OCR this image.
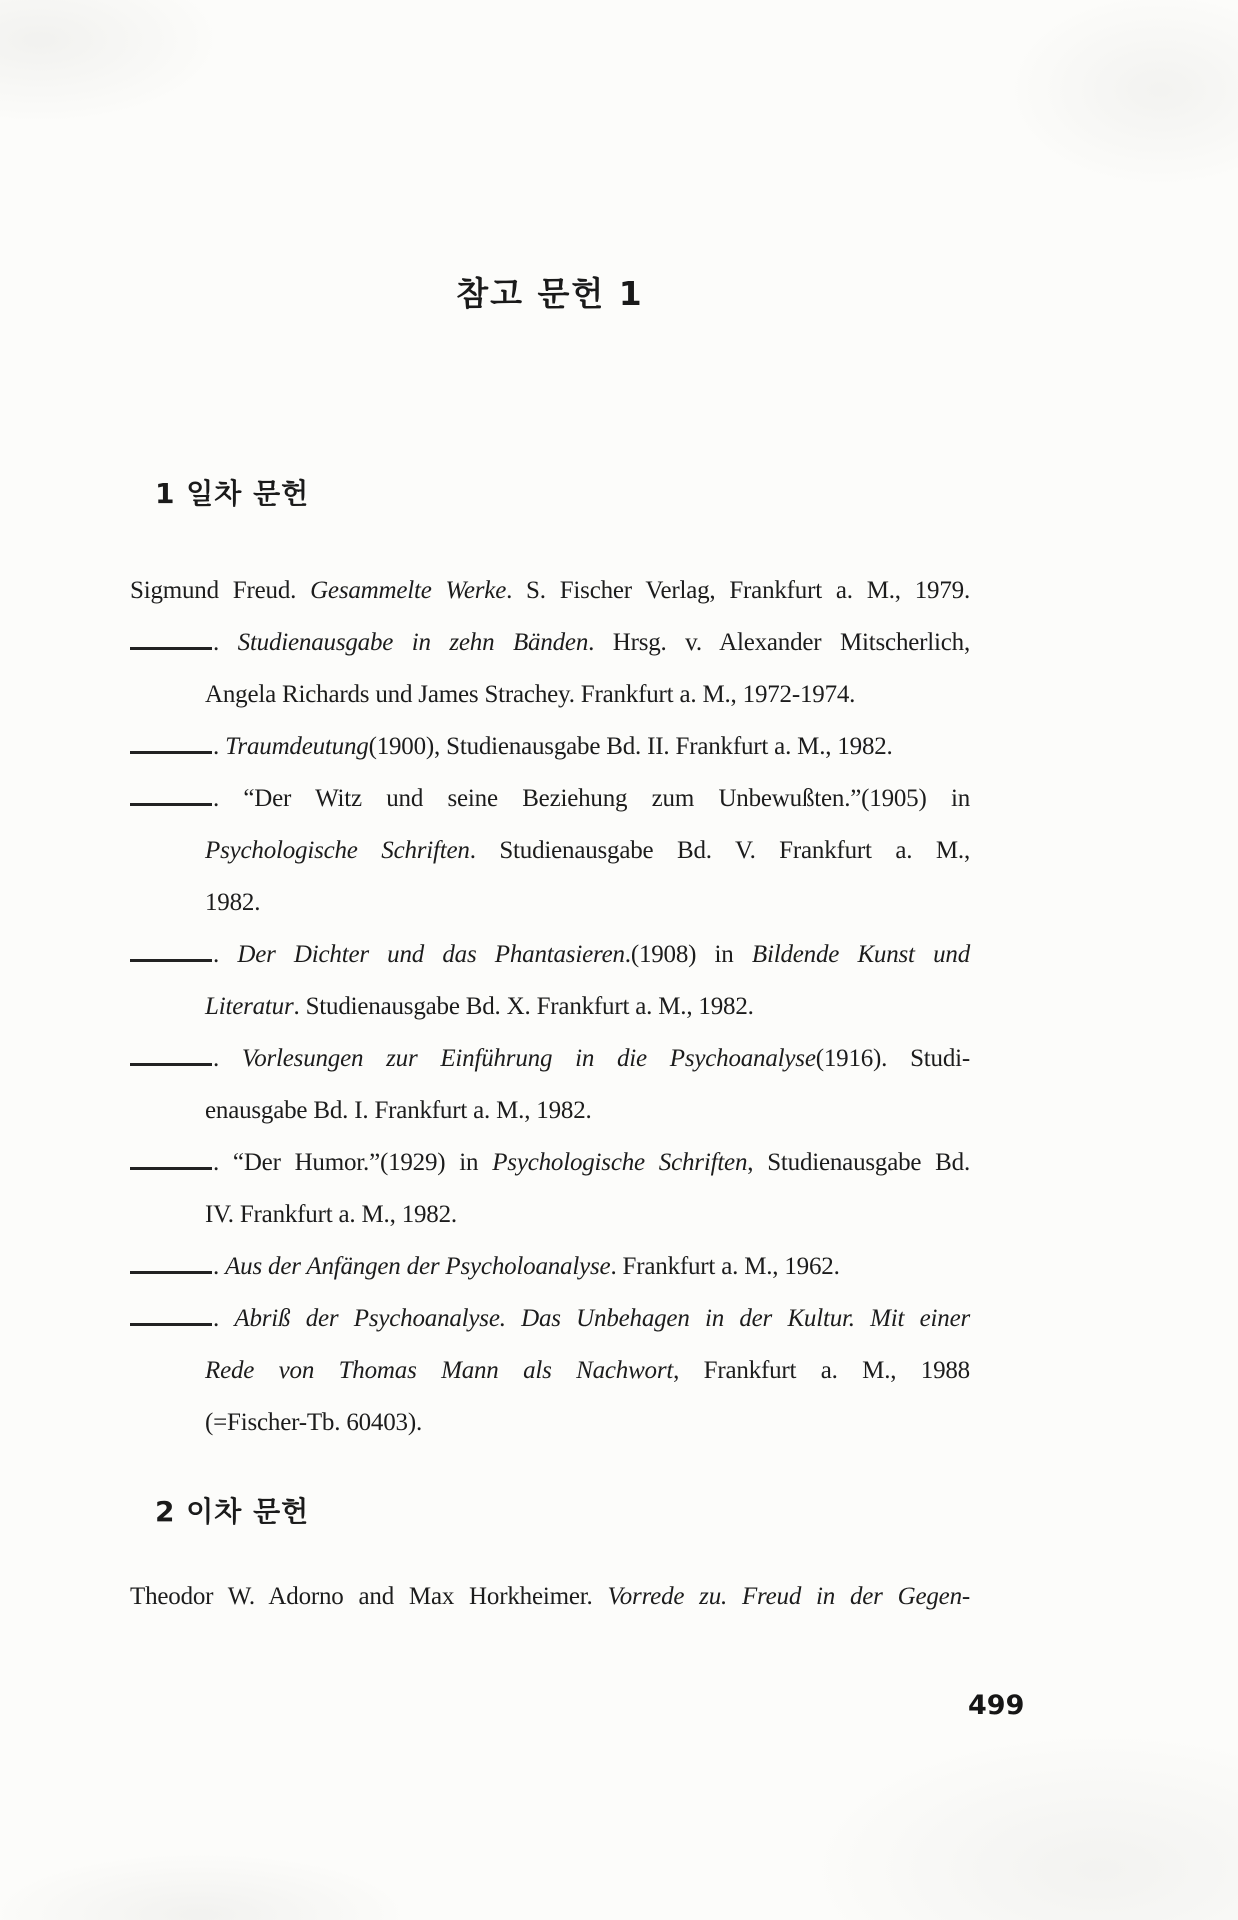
참고 문헌 1
1 일차 문헌
Sigmund Freud. Gesammelte Werke. S. Fischer Verlag, Frankfurt a. M., 1979.
. Studienausgabe in zehn Bänden. Hrsg. v. Alexander Mitscherlich,
Angela Richards und James Strachey. Frankfurt a. M., 1972-1974.
. Traumdeutung(1900), Studienausgabe Bd. II. Frankfurt a. M., 1982.
. “Der Witz und seine Beziehung zum Unbewußten.”(1905) in
Psychologische Schriften. Studienausgabe Bd. V. Frankfurt a. M.,
1982.
. Der Dichter und das Phantasieren.(1908) in Bildende Kunst und
Literatur. Studienausgabe Bd. X. Frankfurt a. M., 1982.
. Vorlesungen zur Einführung in die Psychoanalyse(1916). Studi-
enausgabe Bd. I. Frankfurt a. M., 1982.
. “Der Humor.”(1929) in Psychologische Schriften, Studienausgabe Bd.
IV. Frankfurt a. M., 1982.
. Aus der Anfängen der Psycholoanalyse. Frankfurt a. M., 1962.
. Abriß der Psychoanalyse. Das Unbehagen in der Kultur. Mit einer
Rede von Thomas Mann als Nachwort, Frankfurt a. M., 1988
(=Fischer-Tb. 60403).
2 이차 문헌
Theodor W. Adorno and Max Horkheimer. Vorrede zu. Freud in der Gegen-
499
